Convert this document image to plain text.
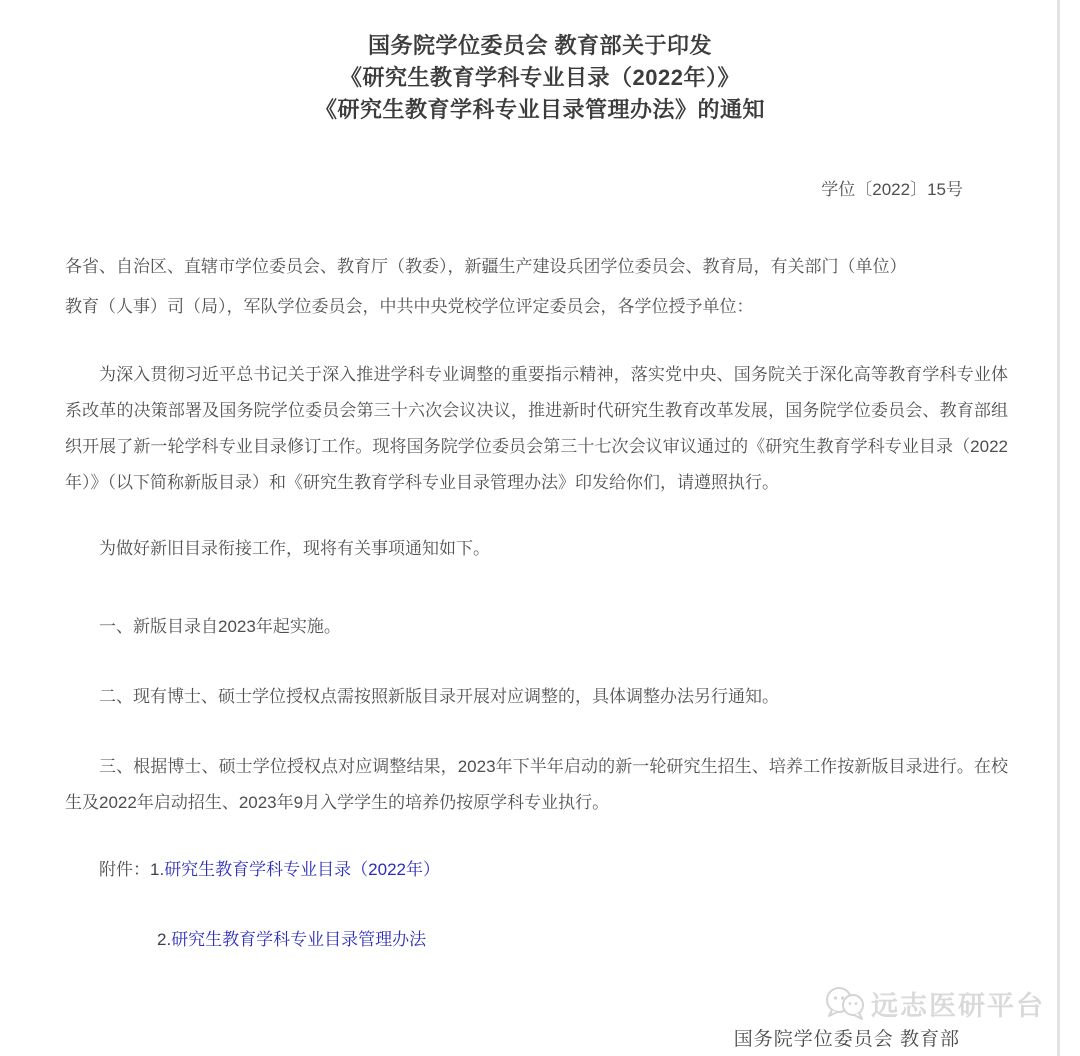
国务院学位委员会 教育部关于印发
《研究生教育学科专业目录（2022年）》
《研究生教育学科专业目录管理办法》的通知
学位〔2022〕15号
各省、自治区、直辖市学位委员会、教育厅（教委），新疆生产建设兵团学位委员会、教育局，有关部门（单位）
教育（人事）司（局），军队学位委员会，中共中央党校学位评定委员会，各学位授予单位：

为深入贯彻习近平总书记关于深入推进学科专业调整的重要指示精神，落实党中央、国务院关于深化高等教育学科专业体系改革的决策部署及国务院学位委员会第三十六次会议决议，推进新时代研究生教育改革发展，国务院学位委员会、教育部组织开展了新一轮学科专业目录修订工作。现将国务院学位委员会第三十七次会议审议通过的《研究生教育学科专业目录（2022年）》（以下简称新版目录）和《研究生教育学科专业目录管理办法》印发给你们，请遵照执行。

为做好新旧目录衔接工作，现将有关事项通知如下。

一、新版目录自2023年起实施。

二、现有博士、硕士学位授权点需按照新版目录开展对应调整的，具体调整办法另行通知。

三、根据博士、硕士学位授权点对应调整结果，2023年下半年启动的新一轮研究生招生、培养工作按新版目录进行。在校生及2022年启动招生、2023年9月入学学生的培养仍按原学科专业执行。

附件：1.研究生教育学科专业目录（2022年）
2.研究生教育学科专业目录管理办法
远志医研平台
国务院学位委员会 教育部
